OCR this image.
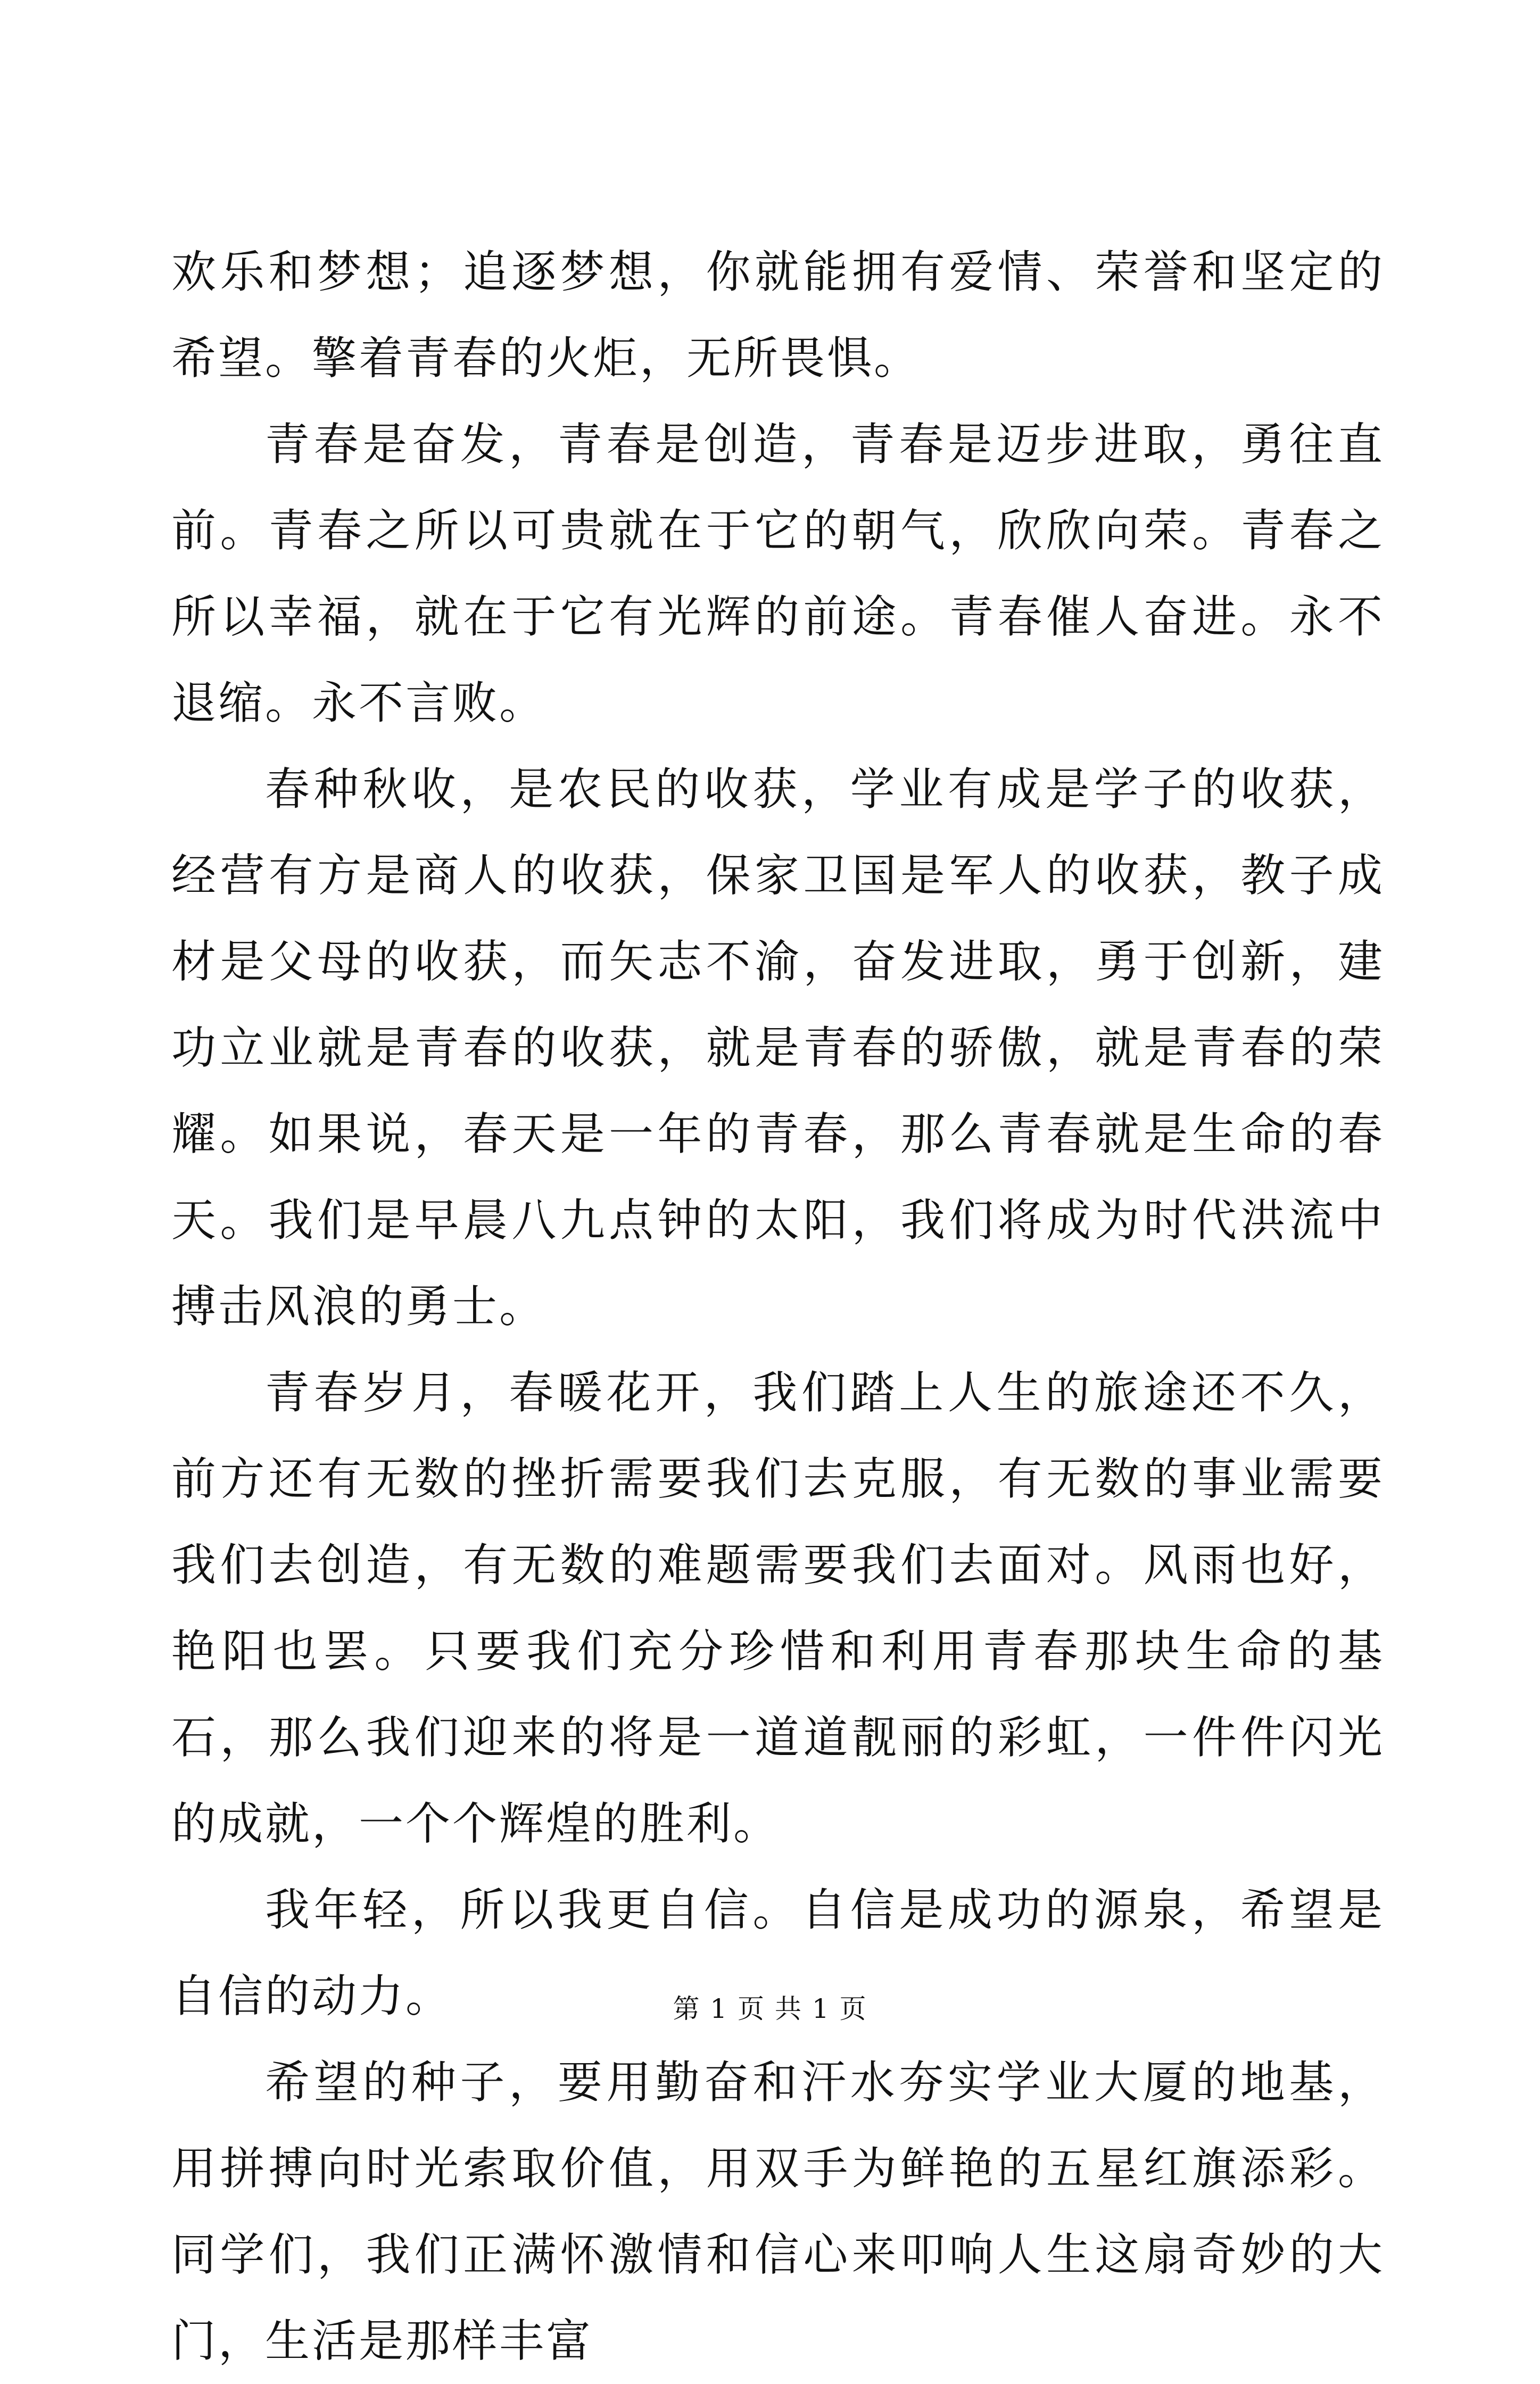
欢乐和梦想；追逐梦想，你就能拥有爱情、荣誉和坚定的希望。擎着青春的火炬，无所畏惧。

青春是奋发，青春是创造，青春是迈步进取，勇往直前。青春之所以可贵就在于它的朝气，欣欣向荣。青春之所以幸福，就在于它有光辉的前途。青春催人奋进。永不退缩。永不言败。

春种秋收，是农民的收获，学业有成是学子的收获，经营有方是商人的收获，保家卫国是军人的收获，教子成材是父母的收获，而矢志不渝，奋发进取，勇于创新，建功立业就是青春的收获，就是青春的骄傲，就是青春的荣耀。如果说，春天是一年的青春，那么青春就是生命的春天。我们是早晨八九点钟的太阳，我们将成为时代洪流中搏击风浪的勇士。

青春岁月，春暖花开，我们踏上人生的旅途还不久，前方还有无数的挫折需要我们去克服，有无数的事业需要我们去创造，有无数的难题需要我们去面对。风雨也好，艳阳也罢。只要我们充分珍惜和利用青春那块生命的基石，那么我们迎来的将是一道道靓丽的彩虹，一件件闪光的成就，一个个辉煌的胜利。

我年轻，所以我更自信。自信是成功的源泉，希望是自信的动力。

希望的种子，要用勤奋和汗水夯实学业大厦的地基，用拼搏向时光索取价值，用双手为鲜艳的五星红旗添彩。同学们，我们正满怀激情和信心来叩响人生这扇奇妙的大门，生活是那样丰富

第 1 页 共 1 页
